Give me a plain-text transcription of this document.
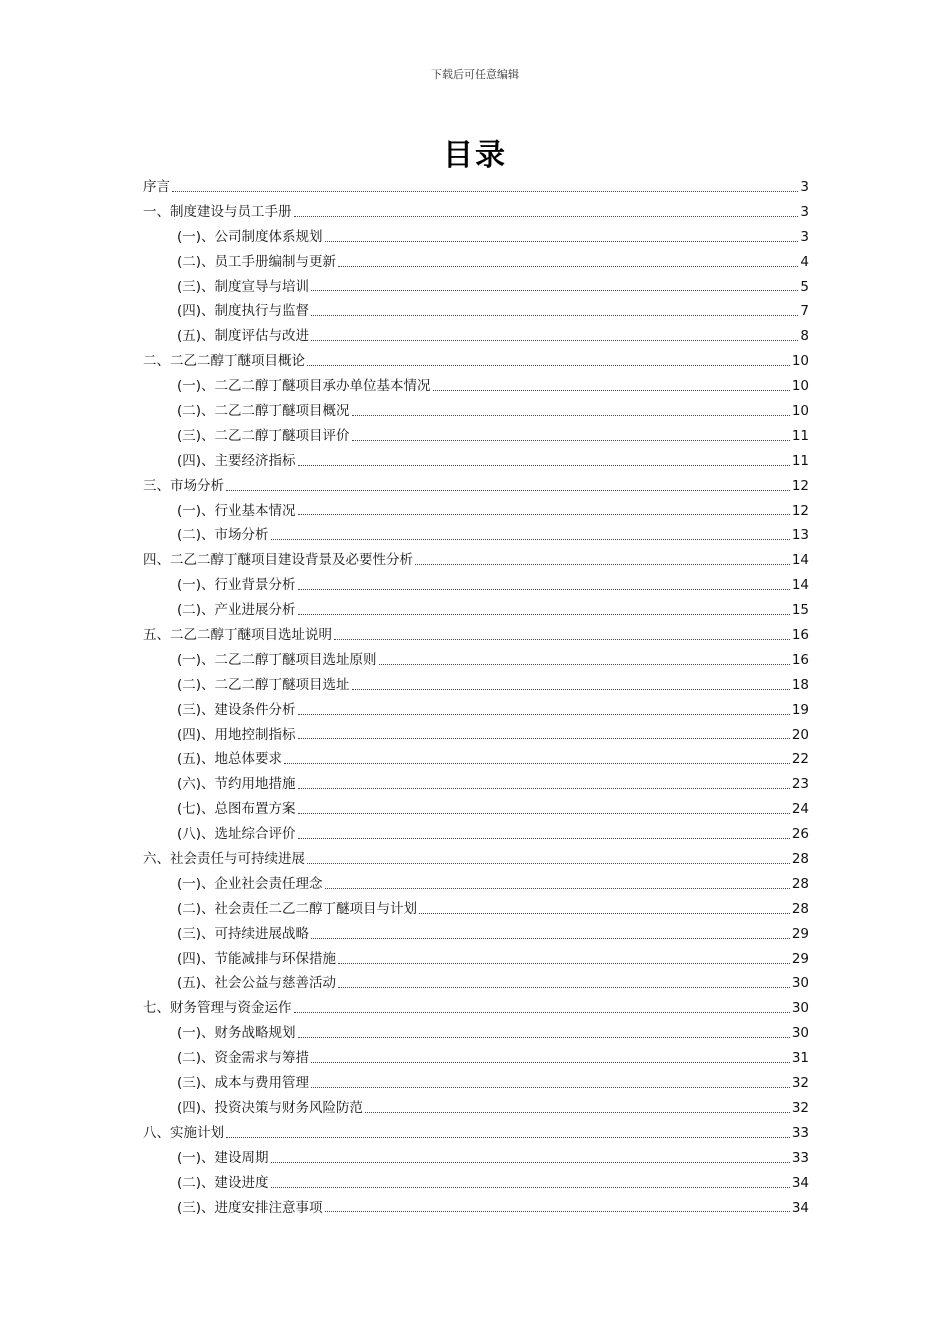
下载后可任意编辑
目录
序言	3
一、制度建设与员工手册	3
(一)、公司制度体系规划	3
(二)、员工手册编制与更新	4
(三)、制度宣导与培训	5
(四)、制度执行与监督	7
(五)、制度评估与改进	8
二、二乙二醇丁醚项目概论	10
(一)、二乙二醇丁醚项目承办单位基本情况	10
(二)、二乙二醇丁醚项目概况	10
(三)、二乙二醇丁醚项目评价	11
(四)、主要经济指标	11
三、市场分析	12
(一)、行业基本情况	12
(二)、市场分析	13
四、二乙二醇丁醚项目建设背景及必要性分析	14
(一)、行业背景分析	14
(二)、产业进展分析	15
五、二乙二醇丁醚项目选址说明	16
(一)、二乙二醇丁醚项目选址原则	16
(二)、二乙二醇丁醚项目选址	18
(三)、建设条件分析	19
(四)、用地控制指标	20
(五)、地总体要求	22
(六)、节约用地措施	23
(七)、总图布置方案	24
(八)、选址综合评价	26
六、社会责任与可持续进展	28
(一)、企业社会责任理念	28
(二)、社会责任二乙二醇丁醚项目与计划	28
(三)、可持续进展战略	29
(四)、节能减排与环保措施	29
(五)、社会公益与慈善活动	30
七、财务管理与资金运作	30
(一)、财务战略规划	30
(二)、资金需求与筹措	31
(三)、成本与费用管理	32
(四)、投资决策与财务风险防范	32
八、实施计划	33
(一)、建设周期	33
(二)、建设进度	34
(三)、进度安排注意事项	34
